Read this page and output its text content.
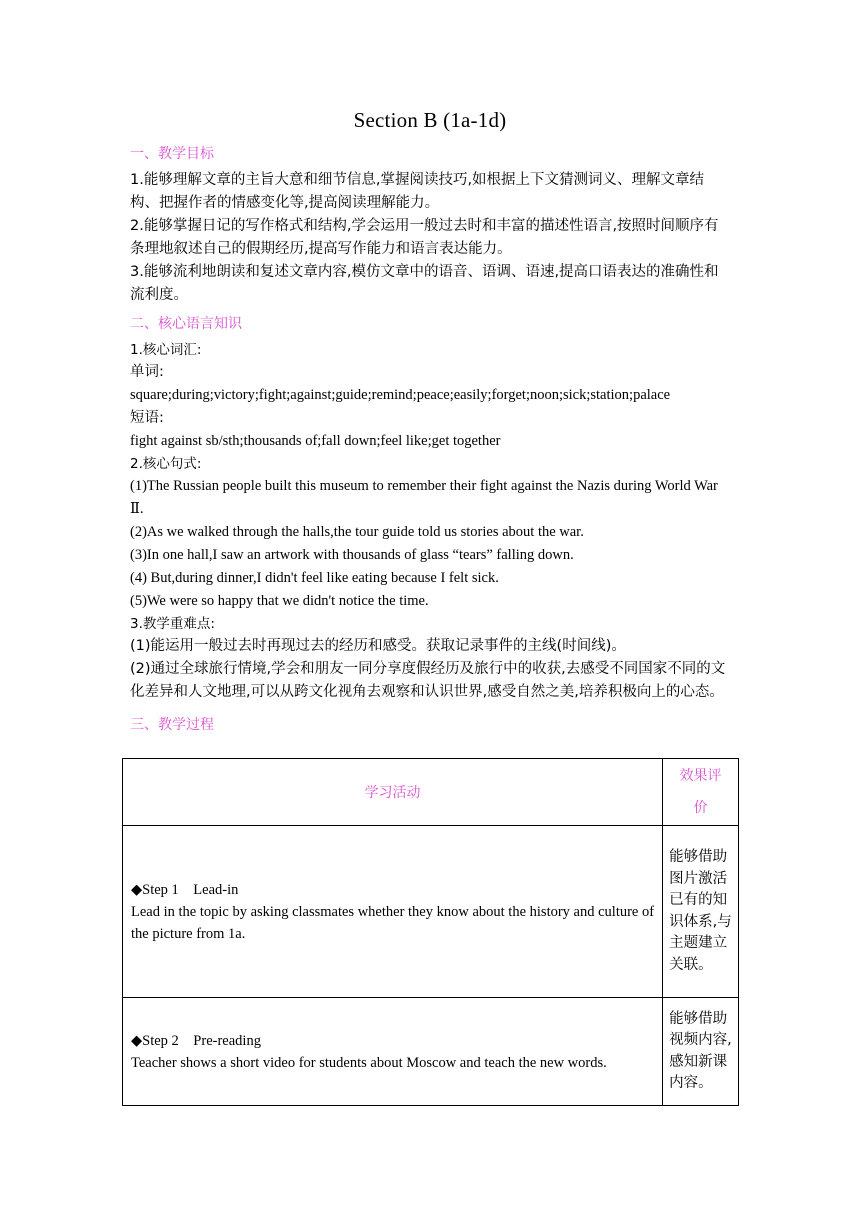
Section B (1a-1d)
一、教学目标

1.能够理解文章的主旨大意和细节信息,掌握阅读技巧,如根据上下文猜测词义、理解文章结构、把握作者的情感变化等,提高阅读理解能力。

2.能够掌握日记的写作格式和结构,学会运用一般过去时和丰富的描述性语言,按照时间顺序有条理地叙述自己的假期经历,提高写作能力和语言表达能力。

3.能够流利地朗读和复述文章内容,模仿文章中的语音、语调、语速,提高口语表达的准确性和流利度。

二、核心语言知识

1.核心词汇:

单词:

square;during;victory;fight;against;guide;remind;peace;easily;forget;noon;sick;station;palace

短语:

fight against sb/sth;thousands of;fall down;feel like;get together

2.核心句式:

(1)The Russian people built this museum to remember their fight against the Nazis during World War Ⅱ.

(2)As we walked through the halls,the tour guide told us stories about the war.

(3)In one hall,I saw an artwork with thousands of glass “tears” falling down.

(4) But,during dinner,I didn't feel like eating because I felt sick.

(5)We were so happy that we didn't notice the time.

3.教学重难点:

(1)能运用一般过去时再现过去的经历和感受。获取记录事件的主线(时间线)。

(2)通过全球旅行情境,学会和朋友一同分享度假经历及旅行中的收获,去感受不同国家不同的文化差异和人文地理,可以从跨文化视角去观察和认识世界,感受自然之美,培养积极向上的心态。

三、教学过程
学习活动	效果评
价

◆Step 1　Lead-in
Lead in the topic by asking classmates whether they know about the history and culture of the picture from 1a.	能够借助图片激活已有的知识体系,与主题建立关联。

◆Step 2　Pre-reading
Teacher shows a short video for students about Moscow and teach the new words.	能够借助视频内容,感知新课内容。
